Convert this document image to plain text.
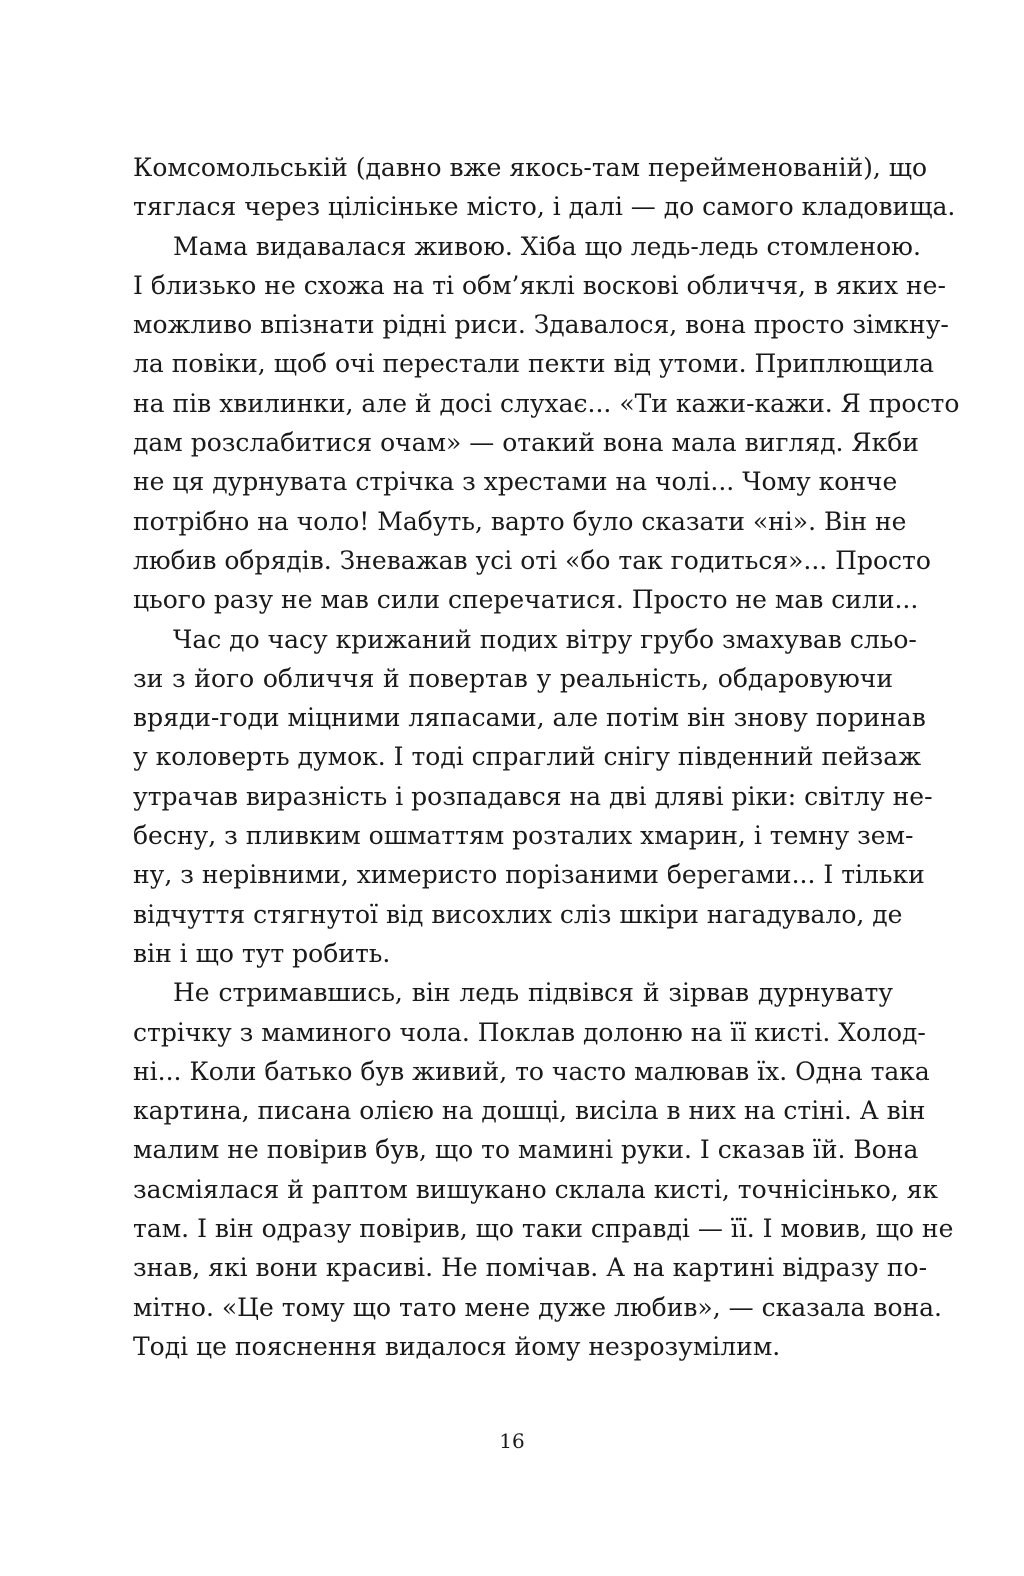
Комсомольській (давно вже якось-там перейменованій), що
тяглася через цілісіньке місто, і далі — до самого кладовища.

Мама видавалася живою. Хіба що ледь-ледь стомленою.
І близько не схожа на ті обм’яклі воскові обличчя, в яких не-
можливо впізнати рідні риси. Здавалося, вона просто зімкну-
ла повіки, щоб очі перестали пекти від утоми. Приплющила
на пів хвилинки, але й досі слухає... «Ти кажи-кажи. Я просто
дам розслабитися очам» — отакий вона мала вигляд. Якби
не ця дурнувата стрічка з хрестами на чолі... Чому конче
потрібно на чоло! Мабуть, варто було сказати «ні». Він не
любив обрядів. Зневажав усі оті «бо так годиться»... Просто
цього разу не мав сили сперечатися. Просто не мав сили...

Час до часу крижаний подих вітру грубо змахував сльо-
зи з його обличчя й повертав у реальність, обдаровуючи
вряди-годи міцними ляпасами, але потім він знову поринав
у коловерть думок. І тоді спраглий снігу південний пейзаж
утрачав виразність і розпадався на дві дляві ріки: світлу не-
бесну, з пливким ошматтям розталих хмарин, і темну зем-
ну, з нерівними, химеристо порізаними берегами... І тільки
відчуття стягнутої від висохлих сліз шкіри нагадувало, де
він і що тут робить.

Не стримавшись, він ледь підвівся й зірвав дурнувату
стрічку з маминого чола. Поклав долоню на її кисті. Холод-
ні... Коли батько був живий, то часто малював їх. Одна така
картина, писана олією на дошці, висіла в них на стіні. А він
малим не повірив був, що то мамині руки. І сказав їй. Вона
засміялася й раптом вишукано склала кисті, точнісінько, як
там. І він одразу повірив, що таки справді — її. І мовив, що не
знав, які вони красиві. Не помічав. А на картині відразу по-
мітно. «Це тому що тато мене дуже любив», — сказала вона.
Тоді це пояснення видалося йому незрозумілим.

16
